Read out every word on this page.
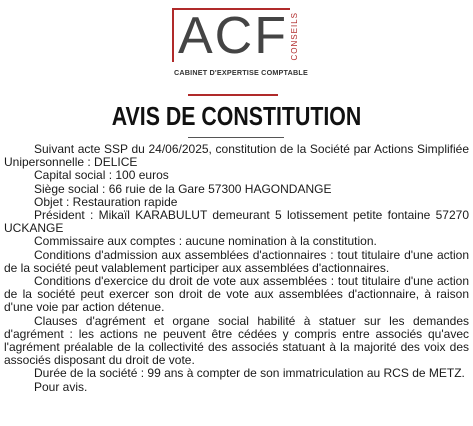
ACF CONSEILS
CABINET D'EXPERTISE COMPTABLE
AVIS DE CONSTITUTION

Suivant acte SSP du 24/06/2025, constitution de la Société par Actions Simplifiée Unipersonnelle : DELICE

Capital social : 100 euros

Siège social : 66 ruie de la Gare 57300 HAGONDANGE

Objet : Restauration rapide

Président : Mikaïl KARABULUT demeurant 5 lotissement petite fontaine 57270 UCKANGE

Commissaire aux comptes : aucune nomination à la constitution.

Conditions d'admission aux assemblées d'actionnaires : tout titulaire d'une action de la société peut valablement participer aux assemblées d'actionnaires.

Conditions d'exercice du droit de vote aux assemblées : tout titulaire d'une action de la société peut exercer son droit de vote aux assemblées d'actionnaire, à raison d'une voie par action détenue.

Clauses d'agrément et organe social habilité à statuer sur les demandes d'agrément : les actions ne peuvent être cédées y compris entre associés qu'avec l'agrément préalable de la collectivité des associés statuant à la majorité des voix des associés disposant du droit de vote.

Durée de la société : 99 ans à compter de son immatriculation au RCS de METZ.

Pour avis.
